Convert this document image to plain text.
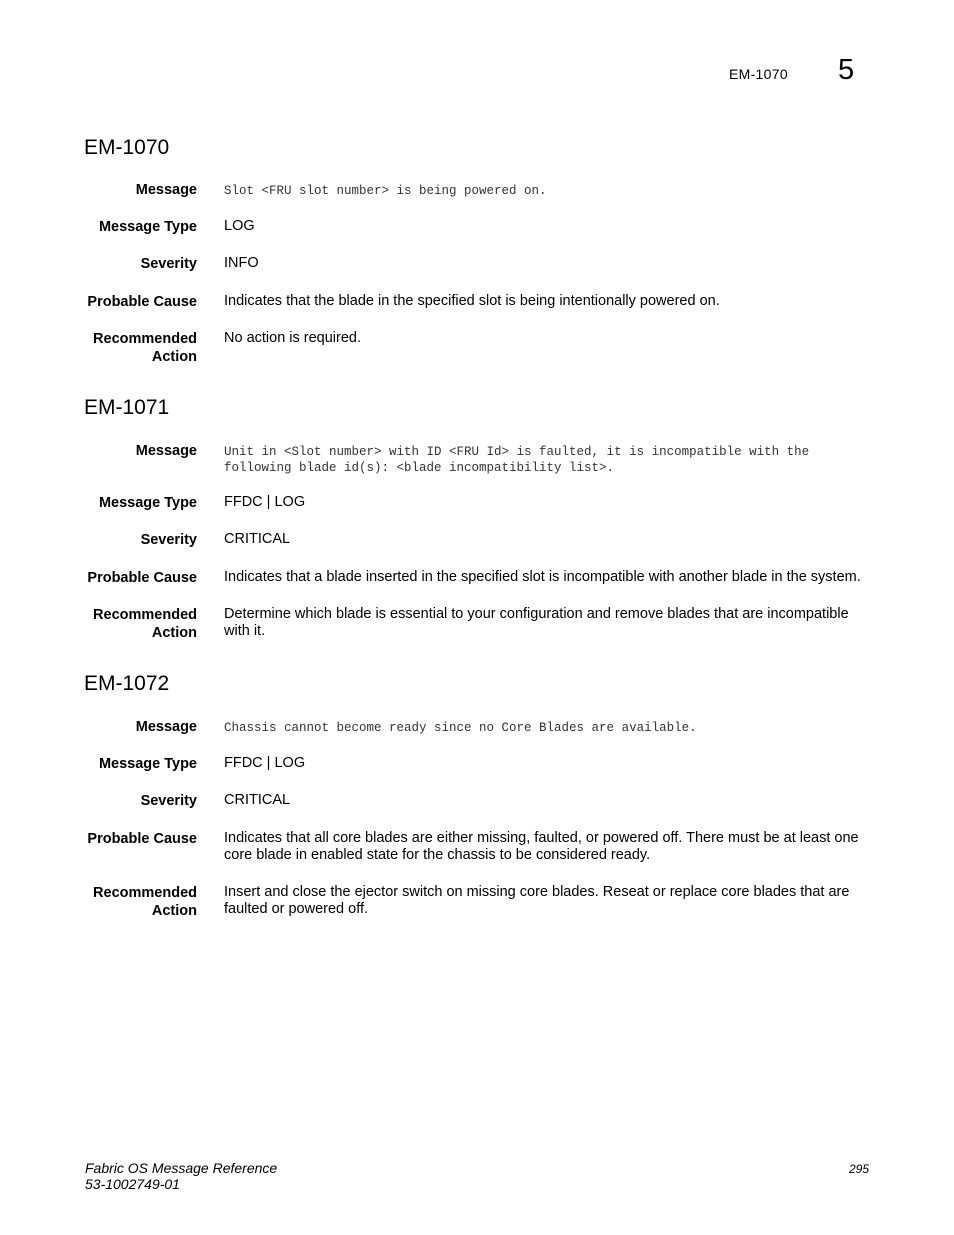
EM-1070 5
EM-1070
Message Slot <FRU slot number> is being powered on.
Message Type LOG
Severity INFO
Probable Cause Indicates that the blade in the specified slot is being intentionally powered on.
Recommended
Action
No action is required.
EM-1071
Message Unit in <Slot number> with ID <FRU Id> is faulted, it is incompatible with the following blade id(s): <blade incompatibility list>.
Message Type FFDC | LOG
Severity CRITICAL
Probable Cause Indicates that a blade inserted in the specified slot is incompatible with another blade in the system.
Recommended
Action
Determine which blade is essential to your configuration and remove blades that are incompatible with it.
EM-1072
Message Chassis cannot become ready since no Core Blades are available.
Message Type FFDC | LOG
Severity CRITICAL
Probable Cause Indicates that all core blades are either missing, faulted, or powered off. There must be at least one core blade in enabled state for the chassis to be considered ready.
Recommended
Action
Insert and close the ejector switch on missing core blades. Reseat or replace core blades that are faulted or powered off.
Fabric OS Message Reference
53-1002749-01
295
